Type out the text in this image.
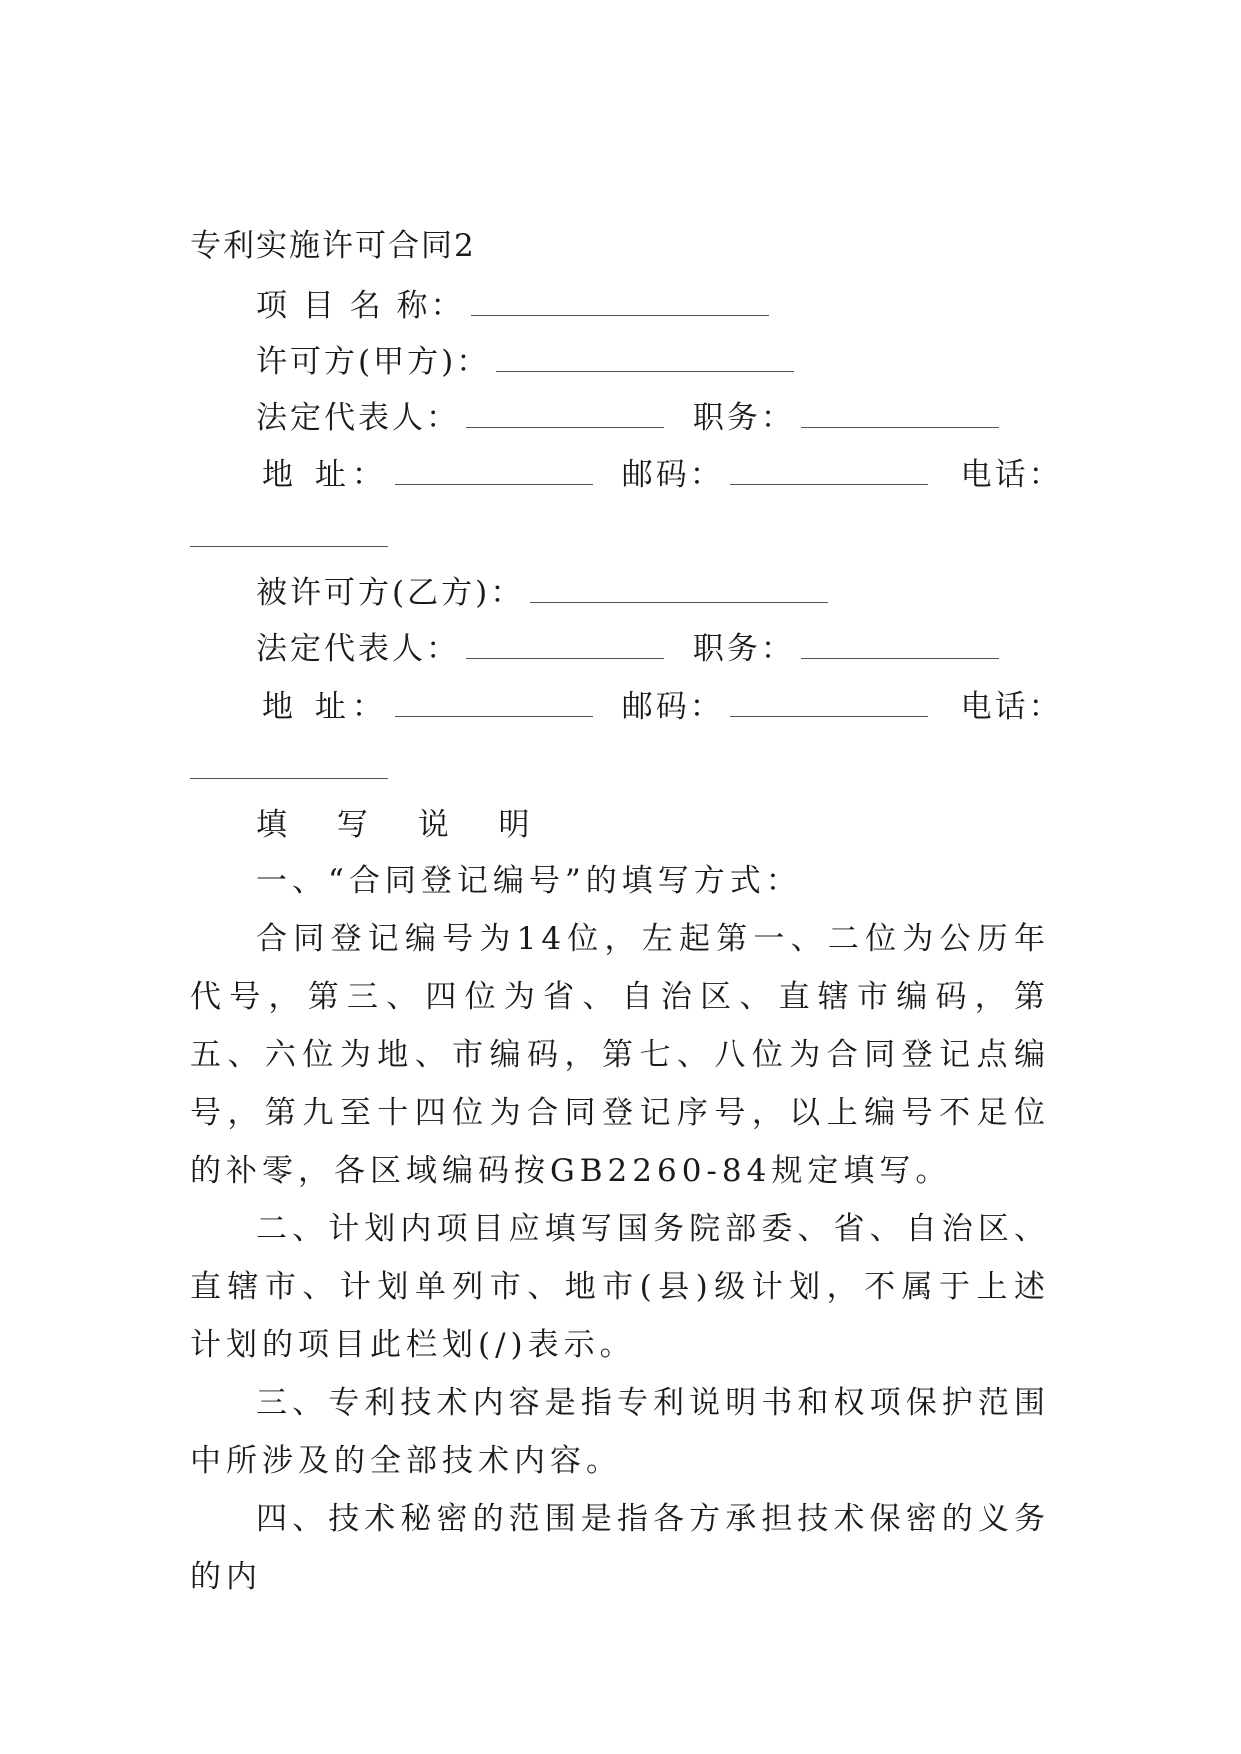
专利实施许可合同2
项 目 名 称：
许可方(甲方)：
法定代表人：	职务：
地 址：	邮码：	电话：
被许可方(乙方)：
法定代表人：	职务：
地 址：	邮码：	电话：
填 写 说 明
一、“合同登记编号”的填写方式：
合同登记编号为14位，左起第一、二位为公历年代号，第三、四位为省、自治区、直辖市编码，第五、六位为地、市编码，第七、八位为合同登记点编号，第九至十四位为合同登记序号，以上编号不足位的补零，各区域编码按GB2260-84规定填写。
二、计划内项目应填写国务院部委、省、自治区、直辖市、计划单列市、地市(县)级计划，不属于上述计划的项目此栏划(/)表示。
三、专利技术内容是指专利说明书和权项保护范围中所涉及的全部技术内容。
四、技术秘密的范围是指各方承担技术保密的义务的内
